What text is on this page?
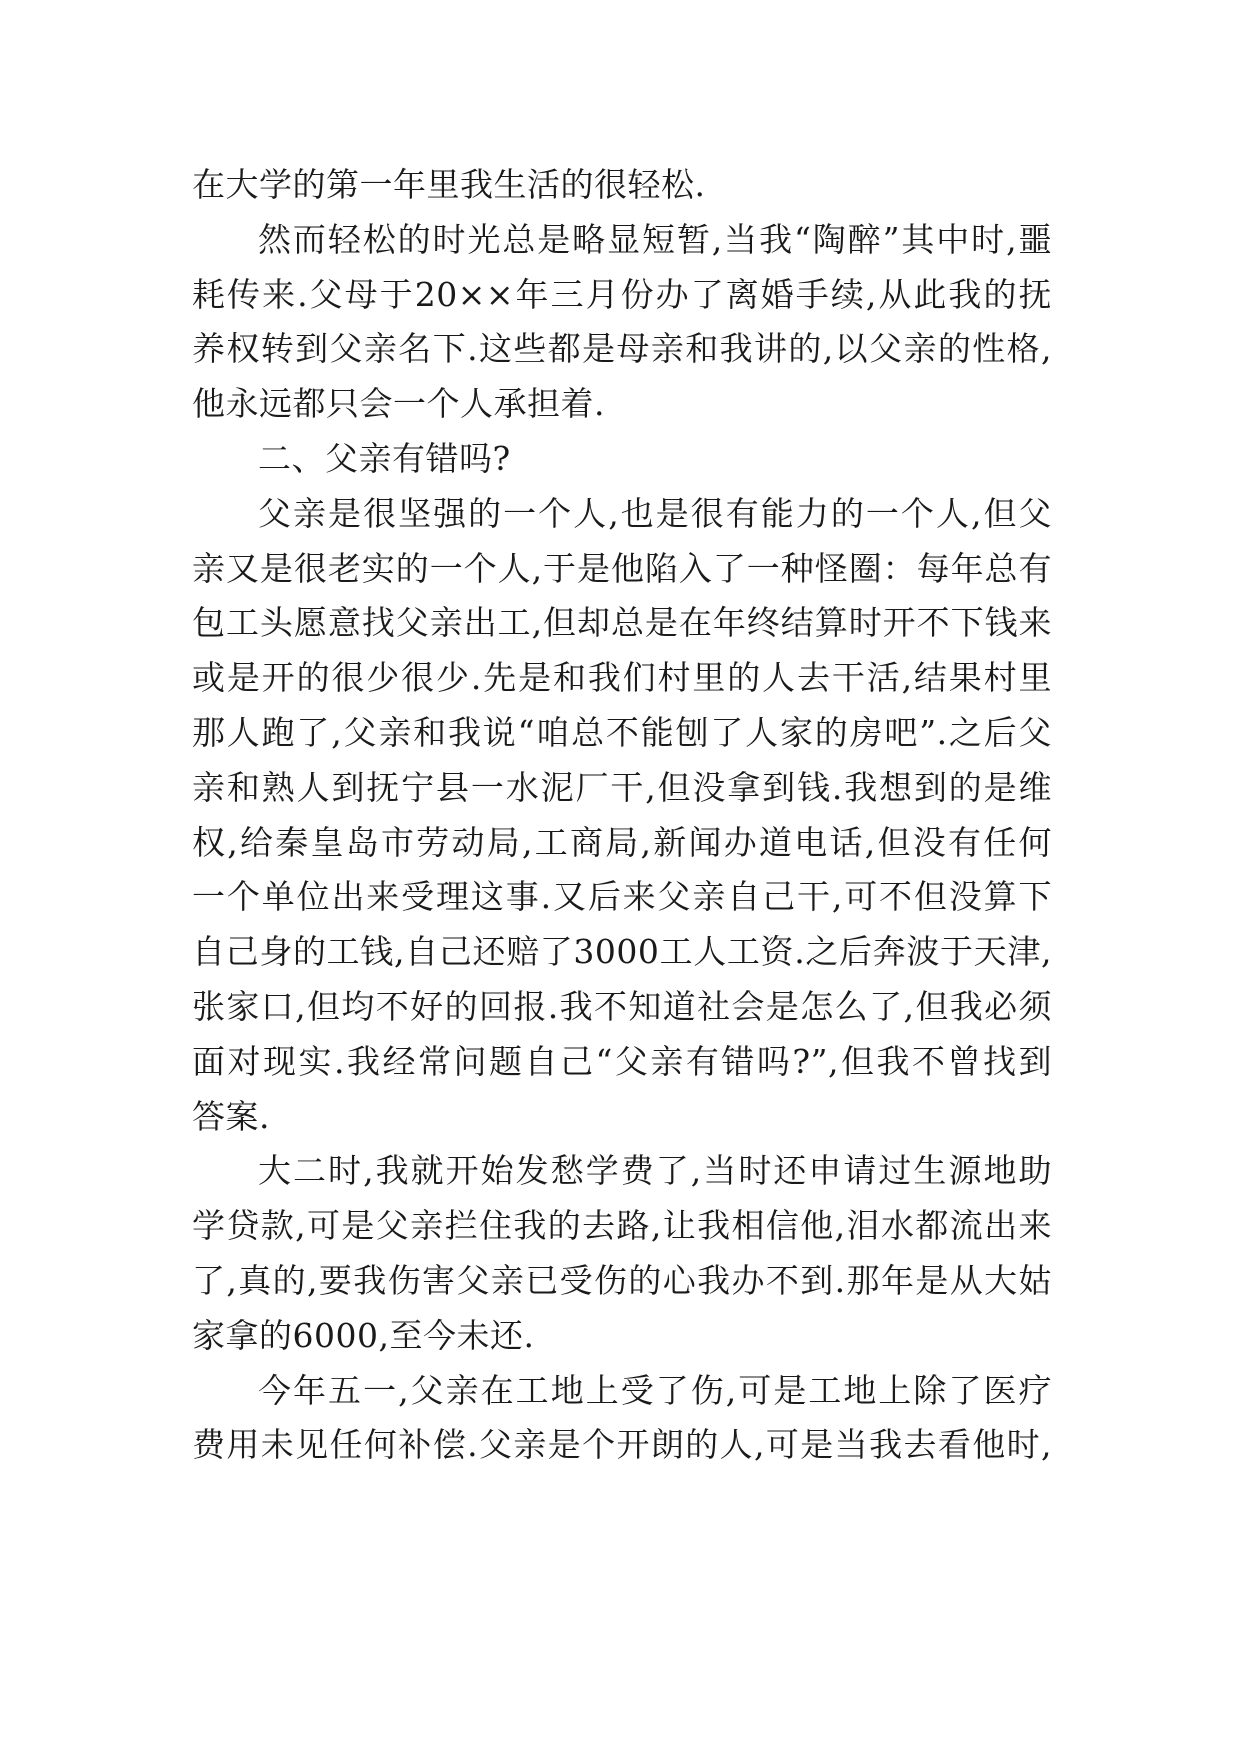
在大学的第一年里我生活的很轻松.
然而轻松的时光总是略显短暂,当我“陶醉”其中时,噩
耗传来.父母于20××年三月份办了离婚手续,从此我的抚
养权转到父亲名下.这些都是母亲和我讲的,以父亲的性格,
他永远都只会一个人承担着.
二、父亲有错吗?
父亲是很坚强的一个人,也是很有能力的一个人,但父
亲又是很老实的一个人,于是他陷入了一种怪圈：每年总有
包工头愿意找父亲出工,但却总是在年终结算时开不下钱来
或是开的很少很少.先是和我们村里的人去干活,结果村里
那人跑了,父亲和我说“咱总不能刨了人家的房吧”.之后父
亲和熟人到抚宁县一水泥厂干,但没拿到钱.我想到的是维
权,给秦皇岛市劳动局,工商局,新闻办道电话,但没有任何
一个单位出来受理这事.又后来父亲自己干,可不但没算下
自己身的工钱,自己还赔了3000工人工资.之后奔波于天津,
张家口,但均不好的回报.我不知道社会是怎么了,但我必须
面对现实.我经常问题自己“父亲有错吗?”,但我不曾找到
答案.
大二时,我就开始发愁学费了,当时还申请过生源地助
学贷款,可是父亲拦住我的去路,让我相信他,泪水都流出来
了,真的,要我伤害父亲已受伤的心我办不到.那年是从大姑
家拿的6000,至今未还.
今年五一,父亲在工地上受了伤,可是工地上除了医疗
费用未见任何补偿.父亲是个开朗的人,可是当我去看他时,
